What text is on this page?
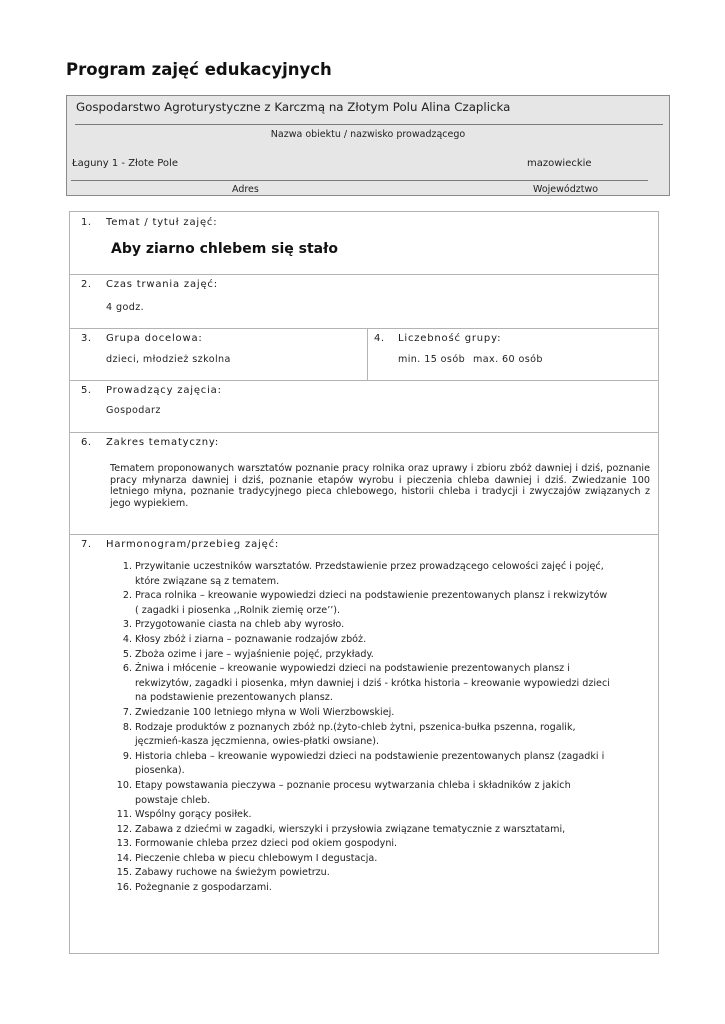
Program zajęć edukacyjnych
Gospodarstwo Agroturystyczne z Karczmą na Złotym Polu Alina Czaplicka
Nazwa obiektu / nazwisko prowadzącego
Łaguny 1 - Złote Pole	mazowieckie
Adres	Województwo
1. Temat / tytuł zajęć:
Aby ziarno chlebem się stało
2. Czas trwania zajęć:
4 godz.
3. Grupa docelowa:
dzieci, młodzież szkolna
4. Liczebność grupy:
min. 15 osób max. 60 osób
5. Prowadzący zajęcia:
Gospodarz
6. Zakres tematyczny:
Tematem proponowanych warsztatów poznanie pracy rolnika oraz uprawy i zbioru zbóż dawniej i dziś, poznanie pracy młynarza dawniej i dziś, poznanie etapów wyrobu i pieczenia chleba dawniej i dziś. Zwiedzanie 100 letniego młyna, poznanie tradycyjnego pieca chlebowego, historii chleba i tradycji i zwyczajów związanych z jego wypiekiem.
7. Harmonogram/przebieg zajęć:
1. Przywitanie uczestników warsztatów. Przedstawienie przez prowadzącego celowości zajęć i pojęć, które związane są z tematem.
2. Praca rolnika – kreowanie wypowiedzi dzieci na podstawienie prezentowanych plansz i rekwizytów ( zagadki i piosenka ,,Rolnik ziemię orze’’).
3. Przygotowanie ciasta na chleb aby wyrosło.
4. Kłosy zbóż i ziarna – poznawanie rodzajów zbóż.
5. Zboża ozime i jare – wyjaśnienie pojęć, przykłady.
6. Żniwa i młócenie – kreowanie wypowiedzi dzieci na podstawienie prezentowanych plansz i rekwizytów, zagadki i piosenka, młyn dawniej i dziś - krótka historia – kreowanie wypowiedzi dzieci na podstawienie prezentowanych plansz.
7. Zwiedzanie 100 letniego młyna w Woli Wierzbowskiej.
8. Rodzaje produktów z poznanych zbóż np.(żyto-chleb żytni, pszenica-bułka pszenna, rogalik, jęczmień-kasza jęczmienna, owies-płatki owsiane).
9. Historia chleba – kreowanie wypowiedzi dzieci na podstawienie prezentowanych plansz (zagadki i piosenka).
10. Etapy powstawania pieczywa – poznanie procesu wytwarzania chleba i składników z jakich powstaje chleb.
11. Wspólny gorący posiłek.
12. Zabawa z dziećmi w zagadki, wierszyki i przysłowia związane tematycznie z warsztatami,
13. Formowanie chleba przez dzieci pod okiem gospodyni.
14. Pieczenie chleba w piecu chlebowym I degustacja.
15. Zabawy ruchowe na świeżym powietrzu.
16. Pożegnanie z gospodarzami.
